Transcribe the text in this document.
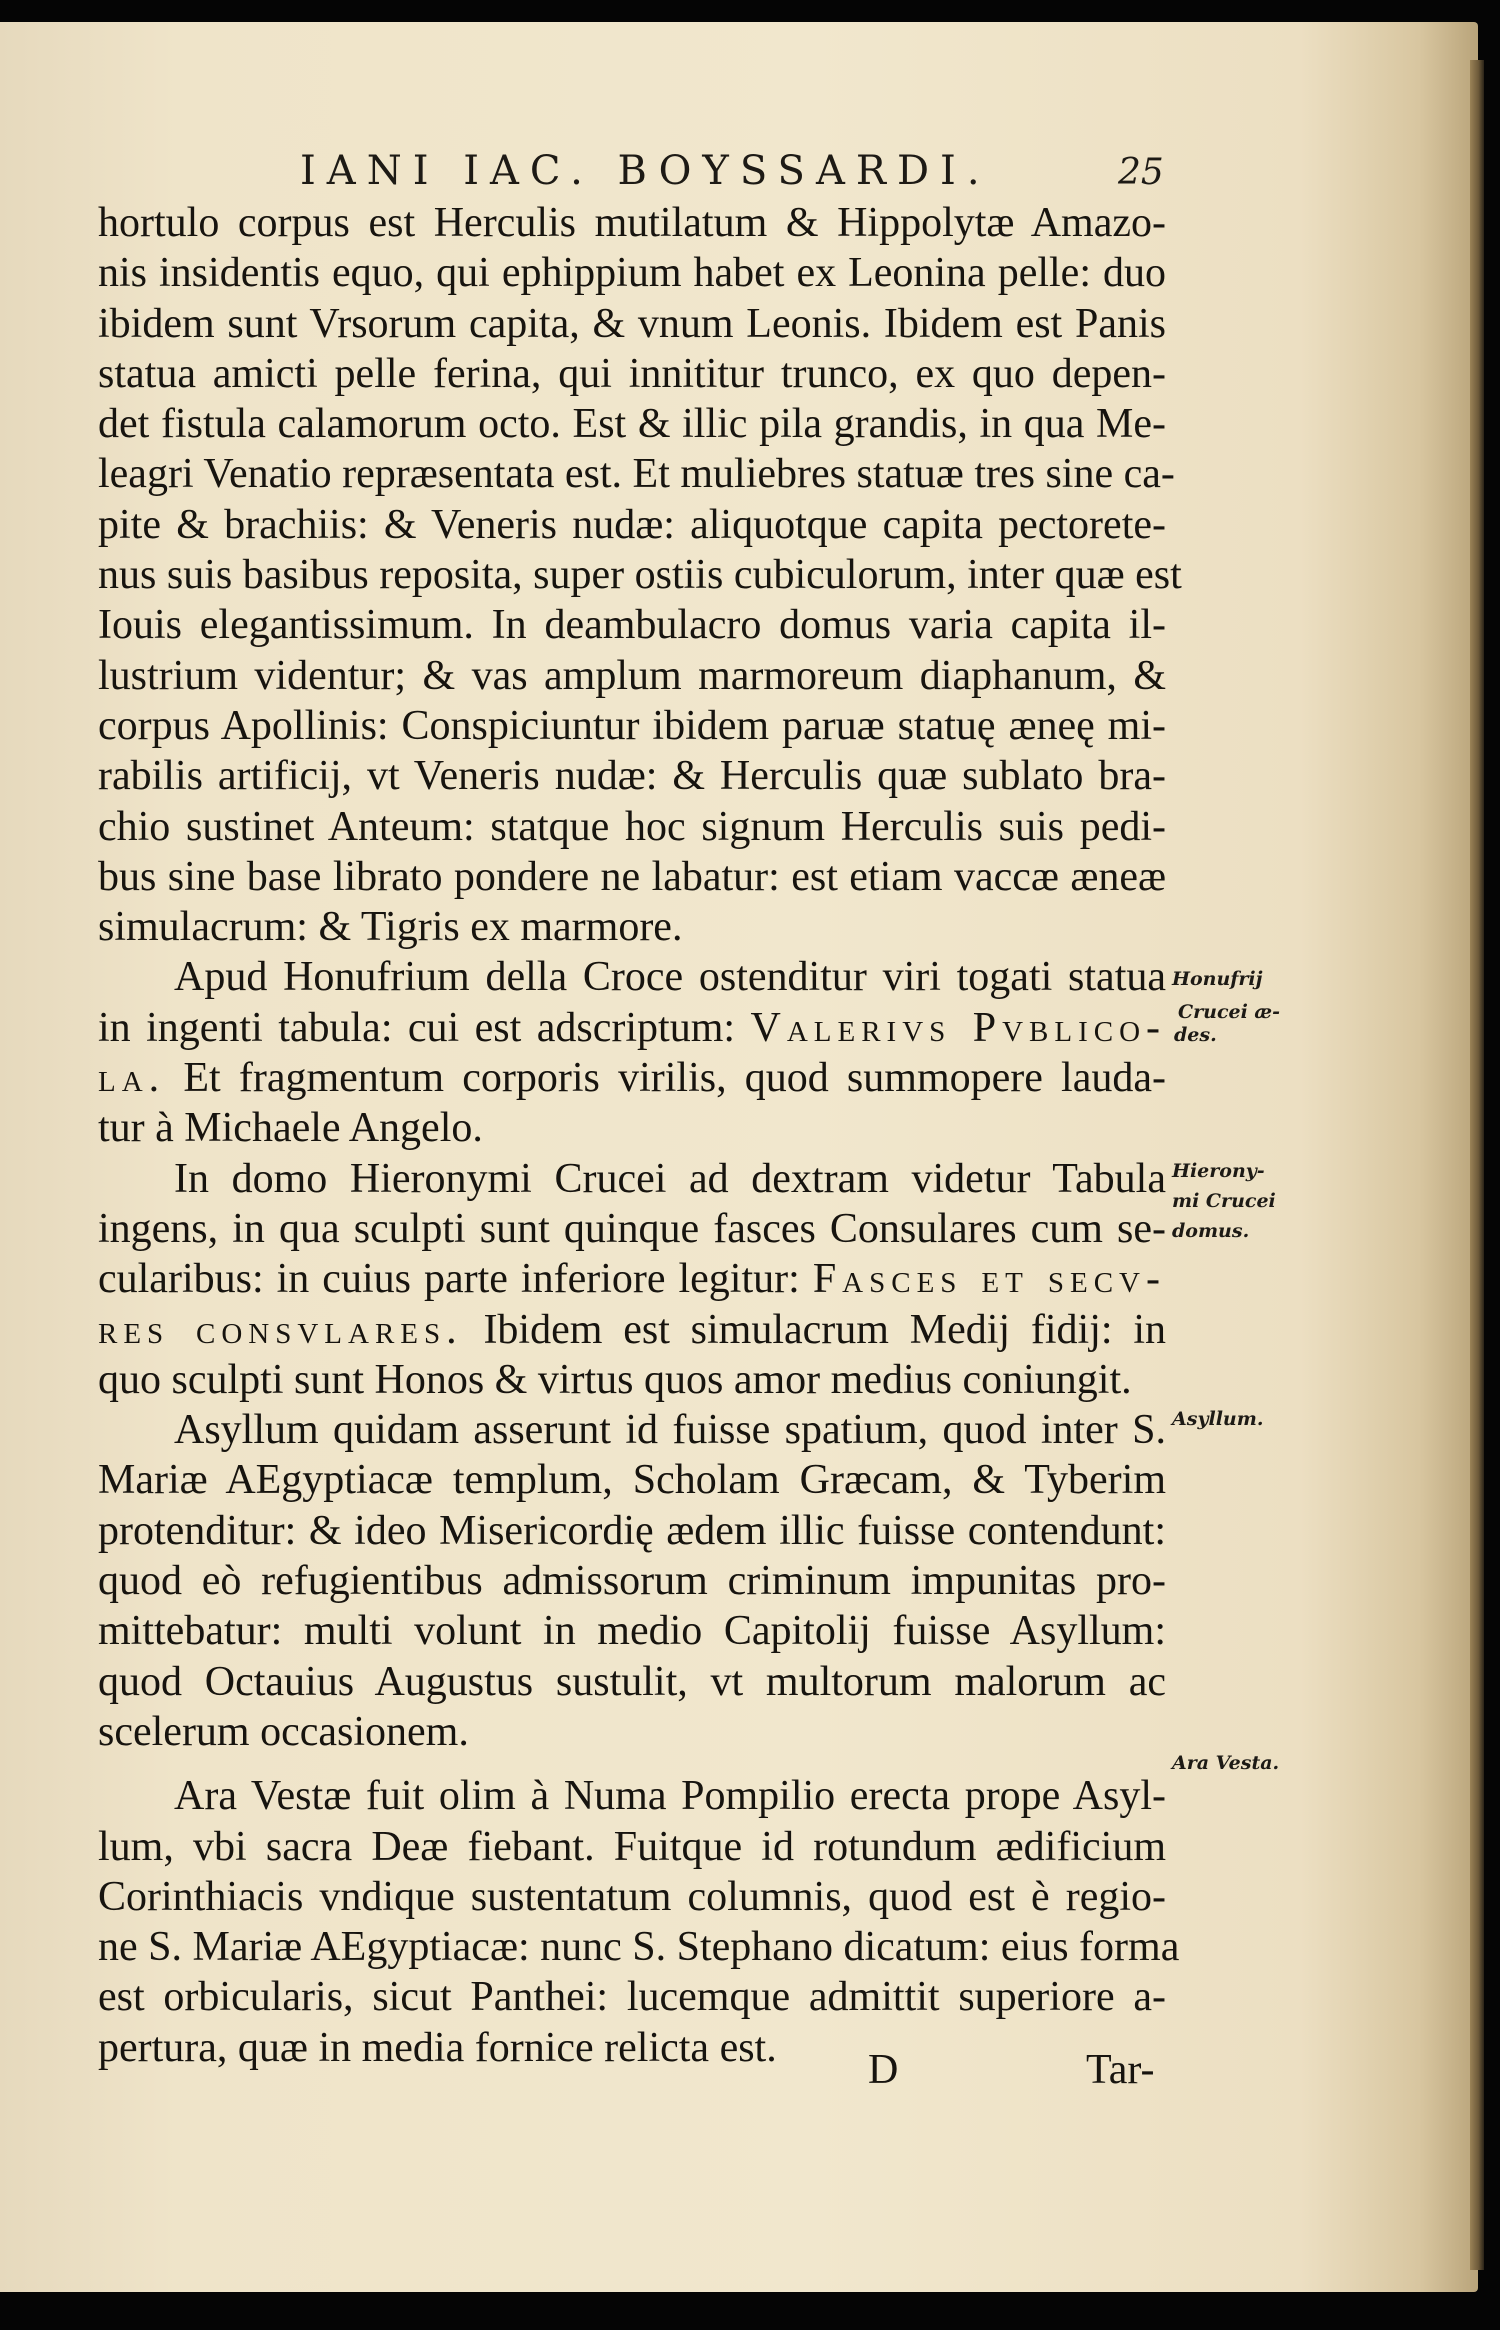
IANI IAC. BOYSSARDI.	25
hortulo corpus est Herculis mutilatum & Hippolytæ Amazo-
nis insidentis equo, qui ephippium habet ex Leonina pelle: duo
ibidem sunt Vrsorum capita, & vnum Leonis. Ibidem est Panis
statua amicti pelle ferina, qui innititur trunco, ex quo depen-
det fistula calamorum octo. Est & illic pila grandis, in qua Me-
leagri Venatio repræsentata est. Et muliebres statuæ tres sine ca-
pite & brachiis: & Veneris nudæ: aliquotque capita pectorete-
nus suis basibus reposita, super ostiis cubiculorum, inter quæ est
Iouis elegantissimum. In deambulacro domus varia capita il-
lustrium videntur; & vas amplum marmoreum diaphanum, &
corpus Apollinis: Conspiciuntur ibidem paruæ statuę æneę mi-
rabilis artificij, vt Veneris nudæ: & Herculis quæ sublato bra-
chio sustinet Anteum: statque hoc signum Herculis suis pedi-
bus sine base librato pondere ne labatur: est etiam vaccæ æneæ
simulacrum: & Tigris ex marmore.
Apud Honufrium della Croce ostenditur viri togati statua
in ingenti tabula: cui est adscriptum: Valerivs Pvblico-
la. Et fragmentum corporis virilis, quod summopere lauda-
tur à Michaele Angelo.
In domo Hieronymi Crucei ad dextram videtur Tabula
ingens, in qua sculpti sunt quinque fasces Consulares cum se-
cularibus: in cuius parte inferiore legitur: Fasces et secv-
res consvlares. Ibidem est simulacrum Medij fidij: in
quo sculpti sunt Honos & virtus quos amor medius coniungit.
Asyllum quidam asserunt id fuisse spatium, quod inter S.
Mariæ AEgyptiacæ templum, Scholam Græcam, & Tyberim
protenditur: & ideo Misericordię ædem illic fuisse contendunt:
quod eò refugientibus admissorum criminum impunitas pro-
mittebatur: multi volunt in medio Capitolij fuisse Asyllum:
quod Octauius Augustus sustulit, vt multorum malorum ac
scelerum occasionem.
Ara Vestæ fuit olim à Numa Pompilio erecta prope Asyl-
lum, vbi sacra Deæ fiebant. Fuitque id rotundum ædificium
Corinthiacis vndique sustentatum columnis, quod est è regio-
ne S. Mariæ AEgyptiacæ: nunc S. Stephano dicatum: eius forma
est orbicularis, sicut Panthei: lucemque admittit superiore a-
pertura, quæ in media fornice relicta est.
Honufrij
Crucei æ-
des.
Hierony-
mi Crucei
domus.
Asyllum.
Ara Vesta.
D	Tar-
